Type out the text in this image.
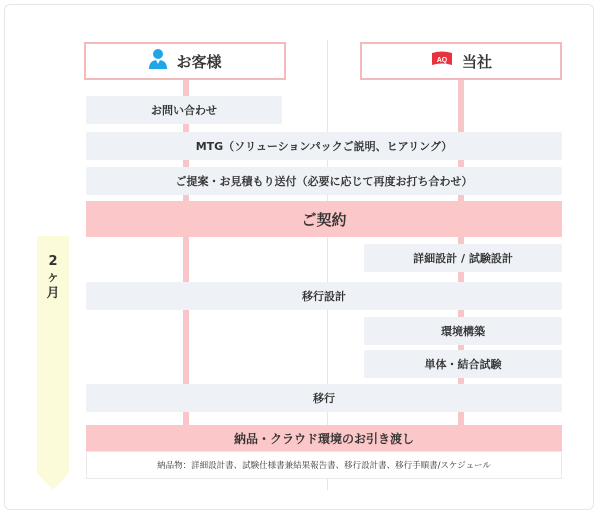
お客様	AQ 当社
2
ヶ
月
お問い合わせ
MTG（ソリューションパックご説明、ヒアリング）
ご提案・お見積もり送付（必要に応じて再度お打ち合わせ）
ご契約
詳細設計 / 試験設計
移行設計
環境構築
単体・結合試験
移行
納品・クラウド環境のお引き渡し
納品物：詳細設計書、試験仕様書兼結果報告書、移行設計書、移行手順書/スケジュール
